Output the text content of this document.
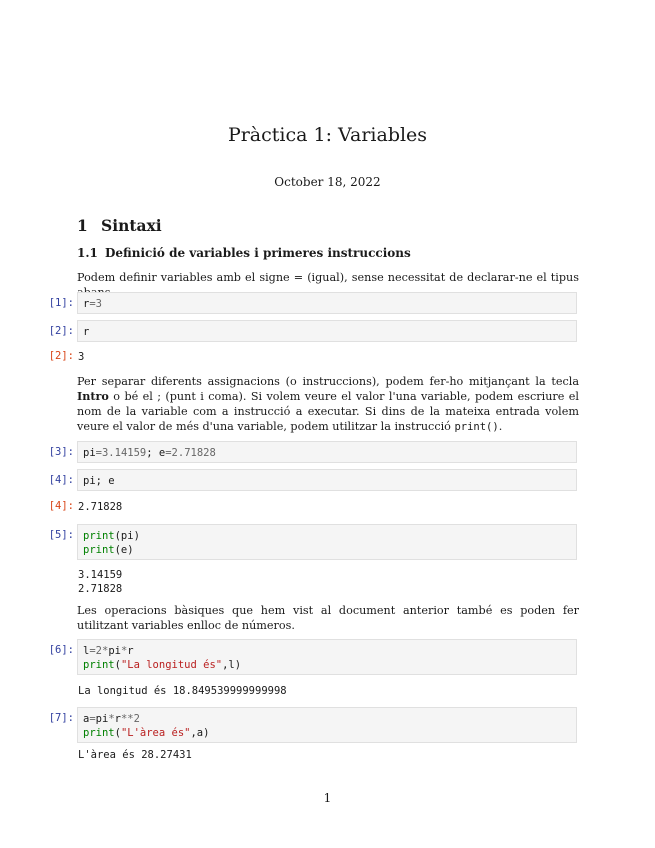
Pràctica 1: Variables
October 18, 2022
1 Sintaxi
1.1 Definició de variables i primeres instruccions
Podem definir variables amb el signe = (igual), sense necessitat de declarar-ne el tipus
[1]: r=3
[2]: r
[2]: 3
Per separar diferents assignacions (o instruccions), podem fer-ho mitjançant la tecla Intro o bé el ; (punt i coma). Si volem veure el valor l'una variable, podem escriure el nom de la variable com a instrucció a executar. Si dins de la mateixa entrada volem veure el valor de més d'una variable, podem utilitzar la instrucció print().
[3]: pi=3.14159; e=2.71828
[4]: pi; e
[4]: 2.71828
[5]: print(pi)
print(e)
3.14159
2.71828
Les operacions bàsiques que hem vist al document anterior també es poden fer utilitzant variables enlloc de números.
[6]: l=2*pi*r
print("La longitud és",l)
La longitud és 18.849539999999998
[7]: a=pi*r**2
print("L'àrea és",a)
L'àrea és 28.27431
1
